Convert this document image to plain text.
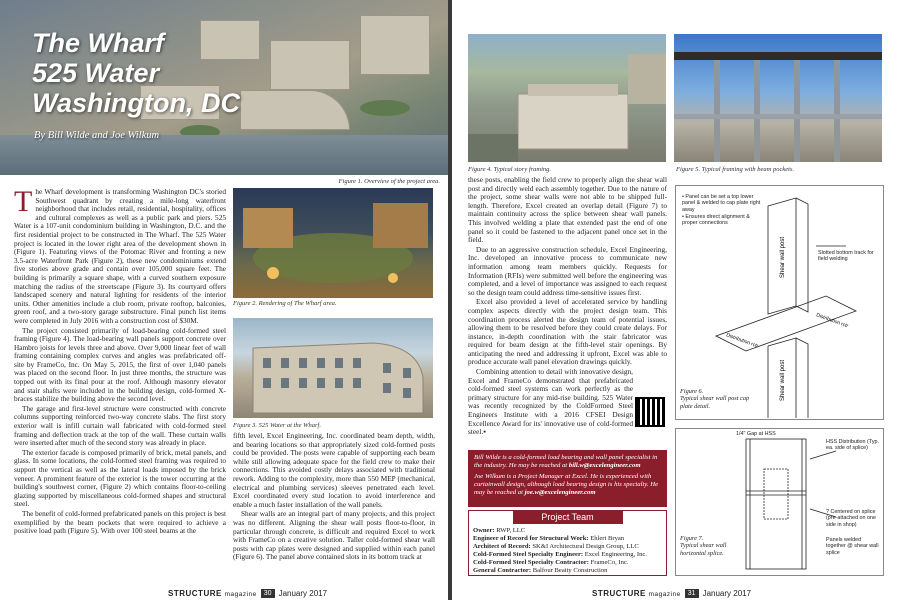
The Wharf
525 Water
Washington, DC
By Bill Wilde and Joe Wilkum
Figure 1. Overview of the project area.

The Wharf development is transforming Washington DC's storied Southwest quadrant by creating a mile-long waterfront neighborhood that includes retail, residential, hospitality, offices and cultural complexes as well as a public park and piers. 525 Water is a 107-unit condominium building in Washington, D.C. and the first residential project to be constructed in The Wharf. The 525 Water project is located in the lower right area of the development shown in (Figure 1). Featuring views of the Potomac River and fronting a new 3.5-acre Waterfront Park (Figure 2), these new condominiums extend five stories above grade and contain over 105,000 square feet. The building is primarily a square shape, with a curved southern exposure matching the radius of the streetscape (Figure 3). Its courtyard offers landscaped scenery and natural lighting for residents of the interior units. Other amenities include a club room, private rooftop, balconies, green roof, and a two-story garage substructure. Final punch list items were completed in July 2016 with a construction cost of $30M.

The project consisted primarily of load-bearing cold-formed steel framing (Figure 4). The load-bearing wall panels support concrete over Hambro joists for levels three and above. Over 9,000 linear feet of wall framing containing complex curves and angles was prefabricated off-site by FrameCo, Inc. On May 5, 2015, the first of over 1,040 panels was placed on the second floor. In just three months, the structure was topped out with its final pour at the roof. Although masonry elevator and stair shafts were included in the building design, cold-formed X-braces stabilize the building above the second level.

The garage and first-level structure were constructed with concrete columns supporting reinforced two-way concrete slabs. The first story exterior wall is infill curtain wall fabricated with cold-formed steel framing and deflection track at the top of the wall. These curtain walls were inserted after much of the second story was already in place.

The exterior facade is composed primarily of brick, metal panels, and glass. In some locations, the cold-formed steel framing was required to support the vertical as well as the lateral loads imposed by the brick veneer. A prominent feature of the exterior is the tower occurring at the building's southwest corner, (Figure 2) which contains floor-to-ceiling glazing supported by miscellaneous cold-formed shapes and structural steel.

The benefit of cold-formed prefabricated panels on this project is best exemplified by the beam pockets that were required to achieve a positive load path (Figure 5). With over 100 steel beams at the

Figure 2. Rendering of The Wharf area.
Figure 3. 525 Water at the Wharf.

fifth level, Excel Engineering, Inc. coordinated beam depth, width, and bearing locations so that appropriately sized cold-formed posts could be provided. The posts were capable of supporting each beam while still allowing adequate space for the field crew to make their connections. This avoided costly delays associated with traditional rework. Adding to the complexity, more than 550 MEP (mechanical, electrical and plumbing services) sleeves penetrated each level. Excel coordinated every stud location to avoid interference and enable a much faster installation of the wall panels.

Shear walls are an integral part of many projects, and this project was no different. Aligning the shear wall posts floor-to-floor, in particular through concrete, is difficult and required Excel to work with FrameCo on a creative solution. Taller cold-formed shear wall posts with cap plates were designed and supplied within each panel (Figure 6). The panel above contained slots in its bottom track at

STRUCTURE magazine	30 January 2017
Figure 4. Typical story framing.	Figure 5. Typical framing with beam pockets.

these posts, enabling the field crew to properly align the shear wall post and directly weld each assembly together. Due to the nature of the project, some shear walls were not able to be shipped full-length. Therefore, Excel created an overlap detail (Figure 7) to maintain continuity across the splice between shear wall panels. This involved welding a plate that extended past the end of one panel so it could be fastened to the adjacent panel once set in the field.

Due to an aggressive construction schedule, Excel Engineering, Inc. developed an innovative process to communicate new information among team members quickly. Requests for Information (RFIs) were submitted well before the engineering was completed, and a level of importance was assigned to each request so the design team could address time-sensitive issues first.

Excel also provided a level of accelerated service by handling complex aspects directly with the project design team. This coordination process alerted the design team of potential issues, allowing them to be resolved before they could create delays. For instance, in-depth coordination with the stair fabricator was required for beam design at the fifth-level stair openings. By anticipating the need and addressing it upfront, Excel was able to produce accurate wall panel elevation drawings quickly.

Combining attention to detail with innovative design, Excel and FrameCo demonstrated that prefabricated cold-formed steel systems can work perfectly as the primary structure for any mid-rise building. 525 Water was recently recognized by the ColdFormed Steel Engineers Institute with a 2016 CFSEI Design Excellence Award for its' innovative use of cold-formed steel.▪

Bill Wilde is a cold-formed load bearing and wall panel specialist in the industry. He may be reached at bill.w@excelengineer.com

Joe Wilkum is a Project Manager at Excel. He is experienced with curtainwall design, although load bearing design is his specialty. He may be reached at joe.w@excelengineer.com

Project Team
Owner: RWP, LLC
Engineer of Record for Structural Work: Ehlert Bryan
Architect of Record: SK&I Architectural Design Group, LLC
Cold-Formed Steel Specialty Engineer: Excel Engineering, Inc.
Cold-Formed Steel Specialty Contractor: FrameCo, Inc.
General Contractor: Balfour Beatty Construction
Shear wall post
Shear wall post
Distribution rctr
Distribution rctr
• Panel can be set a top lower panel & welded to cap plate right away
• Ensures direct alignment & proper connections
Slotted bottom track for field welding
Figure 6.
Typical shear wall post cap plate detail.
1/4" Gap at HSS
HSS Distribution (Typ. ea. side of splice)
? Centered on splice (pre-attached on one side in shop)
Panels welded together @ shear wall splice
Figure 7.
Typical shear wall horizontal splice.
STRUCTURE magazine	31 January 2017
